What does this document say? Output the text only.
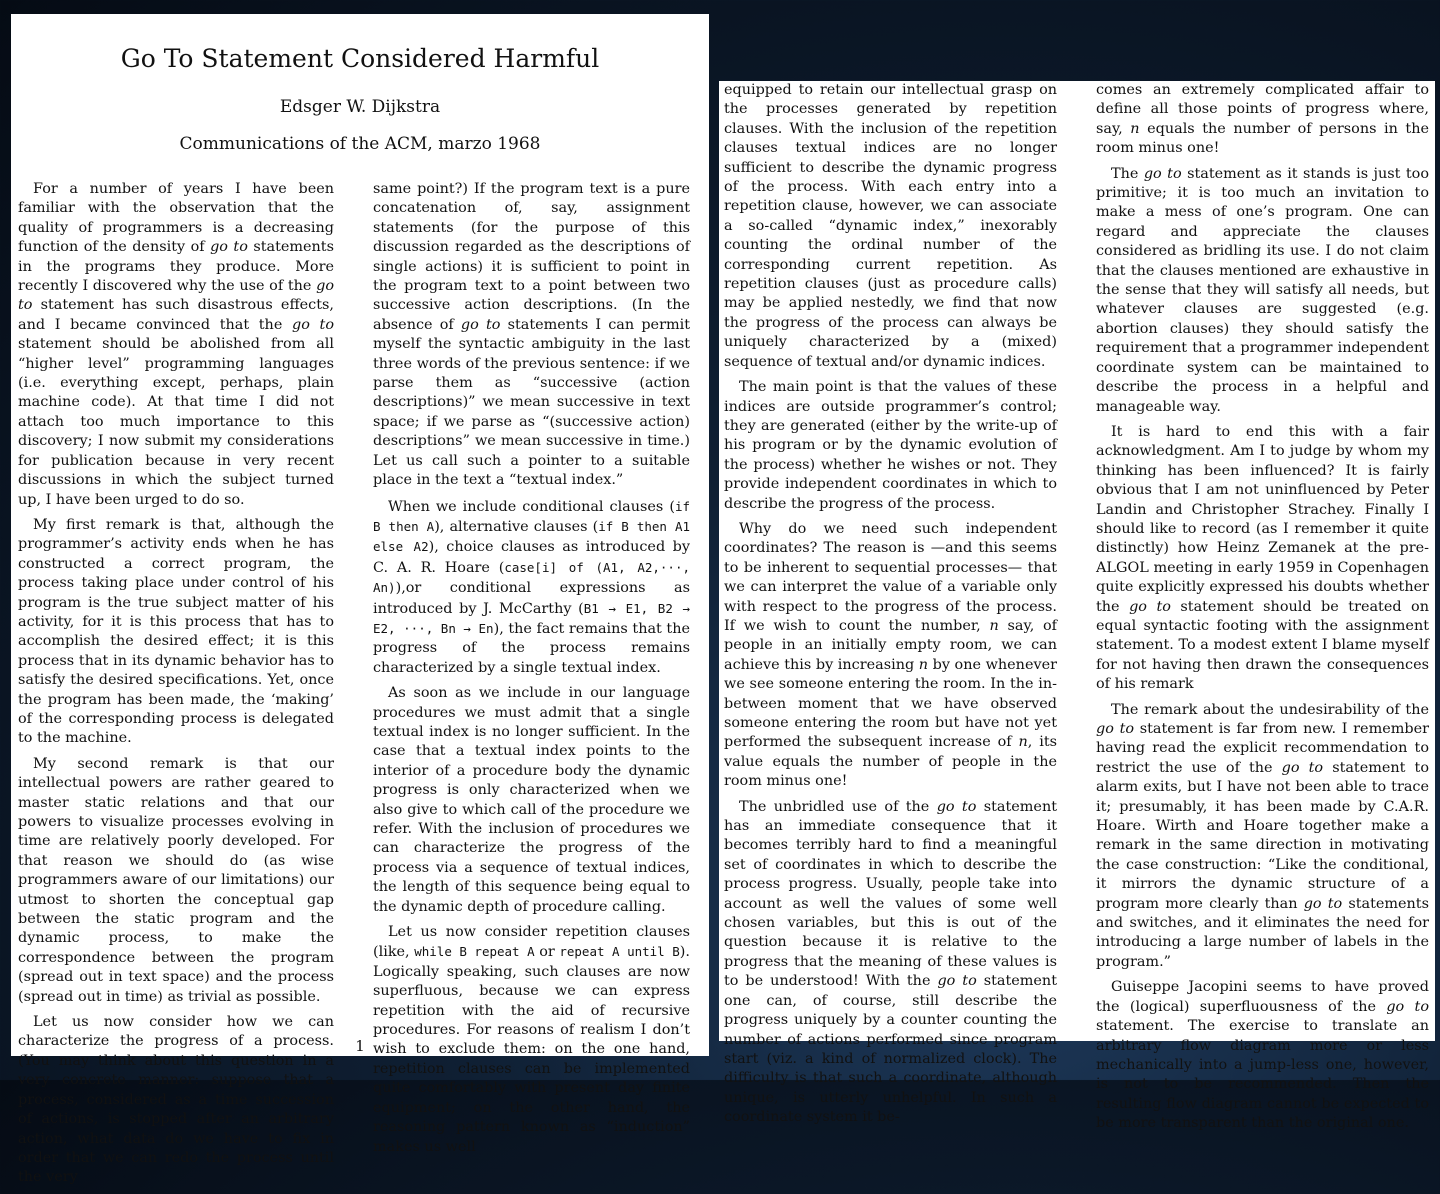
Go To Statement Considered Harmful
Edsger W. Dijkstra
Communications of the ACM, marzo 1968

For a number of years I have been familiar with the observation that the quality of programmers is a decreasing function of the density of go to statements in the programs they produce. More recently I discovered why the use of the go to statement has such disastrous effects, and I became convinced that the go to statement should be abolished from all “higher level” programming languages (i.e. everything except, perhaps, plain machine code). At that time I did not attach too much importance to this discovery; I now submit my considerations for publication because in very recent discussions in which the subject turned up, I have been urged to do so.

My first remark is that, although the programmer’s activity ends when he has constructed a correct program, the process taking place under control of his program is the true subject matter of his activity, for it is this process that has to accomplish the desired effect; it is this process that in its dynamic behavior has to satisfy the desired specifications. Yet, once the program has been made, the ‘making’ of the corresponding process is delegated to the machine.

My second remark is that our intellectual powers are rather geared to master static relations and that our powers to visualize processes evolving in time are relatively poorly developed. For that reason we should do (as wise programmers aware of our limitations) our utmost to shorten the conceptual gap between the static program and the dynamic process, to make the correspondence between the program (spread out in text space) and the process (spread out in time) as trivial as possible.

Let us now consider how we can characterize the progress of a process. (You may think about this question in a very concrete manner: suppose that a process, considered as a time succession of actions, is stopped after an arbitrary action, what data do we have to fix in order that we can redo the process until the very

same point?) If the program text is a pure concatenation of, say, assignment statements (for the purpose of this discussion regarded as the descriptions of single actions) it is sufficient to point in the program text to a point between two successive action descriptions. (In the absence of go to statements I can permit myself the syntactic ambiguity in the last three words of the previous sentence: if we parse them as “successive (action descriptions)” we mean successive in text space; if we parse as “(successive action) descriptions” we mean successive in time.) Let us call such a pointer to a suitable place in the text a “textual index.”

When we include conditional clauses (if B then A), alternative clauses (if B then A1 else A2), choice clauses as introduced by C. A. R. Hoare (case[i] of (A1, A2,···, An)),or conditional expressions as introduced by J. McCarthy (B1 → E1, B2 → E2, ···, Bn → En), the fact remains that the progress of the process remains characterized by a single textual index.

As soon as we include in our language procedures we must admit that a single textual index is no longer sufficient. In the case that a textual index points to the interior of a procedure body the dynamic progress is only characterized when we also give to which call of the procedure we refer. With the inclusion of procedures we can characterize the progress of the process via a sequence of textual indices, the length of this sequence being equal to the dynamic depth of procedure calling.

Let us now consider repetition clauses (like, while B repeat A or repeat A until B). Logically speaking, such clauses are now superfluous, because we can express repetition with the aid of recursive procedures. For reasons of realism I don’t wish to exclude them: on the one hand, repetition clauses can be implemented quite comfortably with present day finite equipment; on the other hand, the reasoning pattern known as “induction” makes us well

1

equipped to retain our intellectual grasp on the processes generated by repetition clauses. With the inclusion of the repetition clauses textual indices are no longer sufficient to describe the dynamic progress of the process. With each entry into a repetition clause, however, we can associate a so-called “dynamic index,” inexorably counting the ordinal number of the corresponding current repetition. As repetition clauses (just as procedure calls) may be applied nestedly, we find that now the progress of the process can always be uniquely characterized by a (mixed) sequence of textual and/or dynamic indices.

The main point is that the values of these indices are outside programmer’s control; they are generated (either by the write-up of his program or by the dynamic evolution of the process) whether he wishes or not. They provide independent coordinates in which to describe the progress of the process.

Why do we need such independent coordinates? The reason is —and this seems to be inherent to sequential processes— that we can interpret the value of a variable only with respect to the progress of the process. If we wish to count the number, n say, of people in an initially empty room, we can achieve this by increasing n by one whenever we see someone entering the room. In the in-between moment that we have observed someone entering the room but have not yet performed the subsequent increase of n, its value equals the number of people in the room minus one!

The unbridled use of the go to statement has an immediate consequence that it becomes terribly hard to find a meaningful set of coordinates in which to describe the process progress. Usually, people take into account as well the values of some well chosen variables, but this is out of the question because it is relative to the progress that the meaning of these values is to be understood! With the go to statement one can, of course, still describe the progress uniquely by a counter counting the number of actions performed since program start (viz. a kind of normalized clock). The difficulty is that such a coordinate, although unique, is utterly unhelpful. In such a coordinate system it be-

comes an extremely complicated affair to define all those points of progress where, say, n equals the number of persons in the room minus one!

The go to statement as it stands is just too primitive; it is too much an invitation to make a mess of one’s program. One can regard and appreciate the clauses considered as bridling its use. I do not claim that the clauses mentioned are exhaustive in the sense that they will satisfy all needs, but whatever clauses are suggested (e.g. abortion clauses) they should satisfy the requirement that a programmer independent coordinate system can be maintained to describe the process in a helpful and manageable way.

It is hard to end this with a fair acknowledgment. Am I to judge by whom my thinking has been influenced? It is fairly obvious that I am not uninfluenced by Peter Landin and Christopher Strachey. Finally I should like to record (as I remember it quite distinctly) how Heinz Zemanek at the pre-ALGOL meeting in early 1959 in Copenhagen quite explicitly expressed his doubts whether the go to statement should be treated on equal syntactic footing with the assignment statement. To a modest extent I blame myself for not having then drawn the consequences of his remark

The remark about the undesirability of the go to statement is far from new. I remember having read the explicit recommendation to restrict the use of the go to statement to alarm exits, but I have not been able to trace it; presumably, it has been made by C.A.R. Hoare. Wirth and Hoare together make a remark in the same direction in motivating the case construction: “Like the conditional, it mirrors the dynamic structure of a program more clearly than go to statements and switches, and it eliminates the need for introducing a large number of labels in the program.”

Guiseppe Jacopini seems to have proved the (logical) superfluousness of the go to statement. The exercise to translate an arbitrary flow diagram more or less mechanically into a jump-less one, however, is not to be recommended. Then the resulting flow diagram cannot be expected to be more transparent than the original one.
